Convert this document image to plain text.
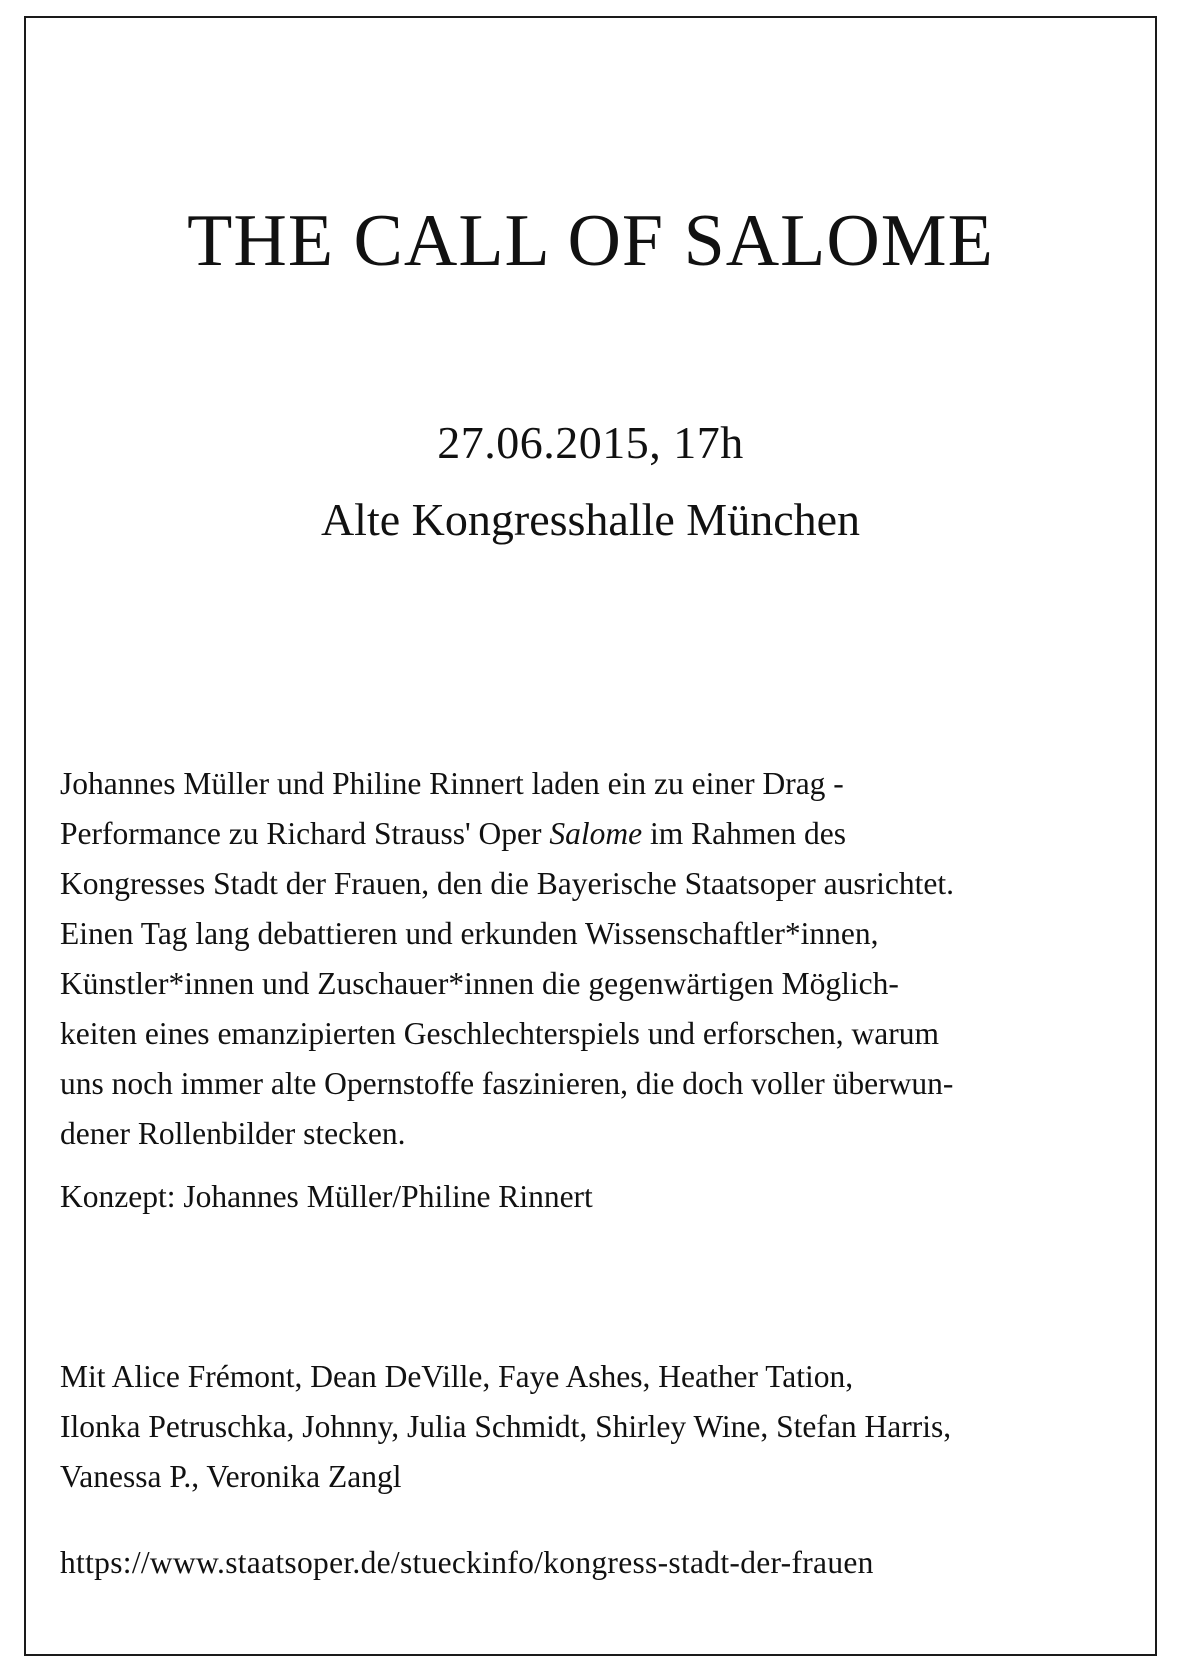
THE CALL OF SALOME
27.06.2015, 17h
Alte Kongresshalle München

Johannes Müller und Philine Rinnert laden ein zu einer Drag -
Performance zu Richard Strauss' Oper Salome im Rahmen des
Kongresses Stadt der Frauen, den die Bayerische Staatsoper ausrichtet.
Einen Tag lang debattieren und erkunden Wissenschaftler*innen,
Künstler*innen und Zuschauer*innen die gegenwärtigen Möglich-
keiten eines emanzipierten Geschlechterspiels und erforschen, warum
uns noch immer alte Opernstoffe faszinieren, die doch voller überwun-
dener Rollenbilder stecken.

Konzept: Johannes Müller/Philine Rinnert
Mit Alice Frémont, Dean DeVille, Faye Ashes, Heather Tation,
Ilonka Petruschka, Johnny, Julia Schmidt, Shirley Wine, Stefan Harris,
Vanessa P., Veronika Zangl
https://www.staatsoper.de/stueckinfo/kongress-stadt-der-frauen
